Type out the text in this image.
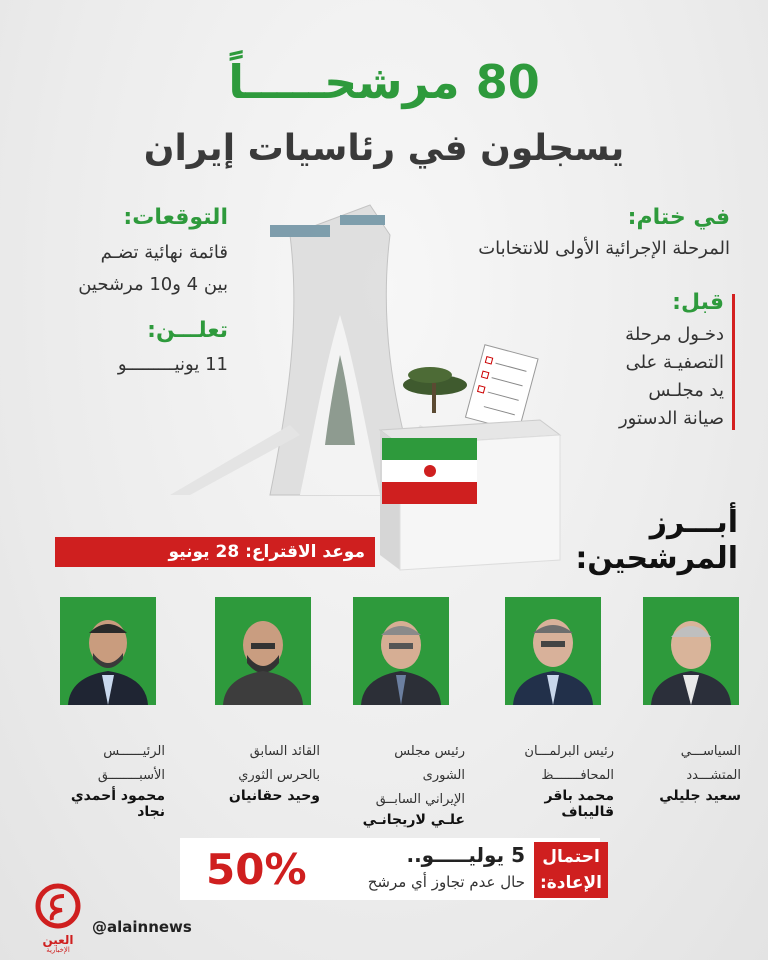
80 مرشحـــــاً
يسجلون في رئاسيات إيران
في ختام:
المرحلة الإجرائية الأولى للانتخابات
قبل:
دخـول مرحلة
التصفيـة على
يد مجلـس
صيانة الدستور
التوقعات:
قائمة نهائية تضـم
بين 4 و10 مرشحين
تعلـــن:
11 يونيـــــــــو
موعد الاقتراع: 28 يونيو
أبـــرز
المرشحين:
السياســـي
المتشـــدد
سعيد جليلي
رئيس البرلمـــان
المحافـــــــظ
محمد باقر قاليباف
رئيس مجلس الشورى
الإيراني السابــق
علـي لاريجانـي
القائد السابق
بالحرس الثوري
وحيد حقانيان
الرئيــــــس
الأسبــــــــق
محمود أحمدي نجاد
احتمال
الإعادة:
5 يوليـــــو..
حال عدم تجاوز أي مرشح
50%
العين
الإخبارية
@alainnews
